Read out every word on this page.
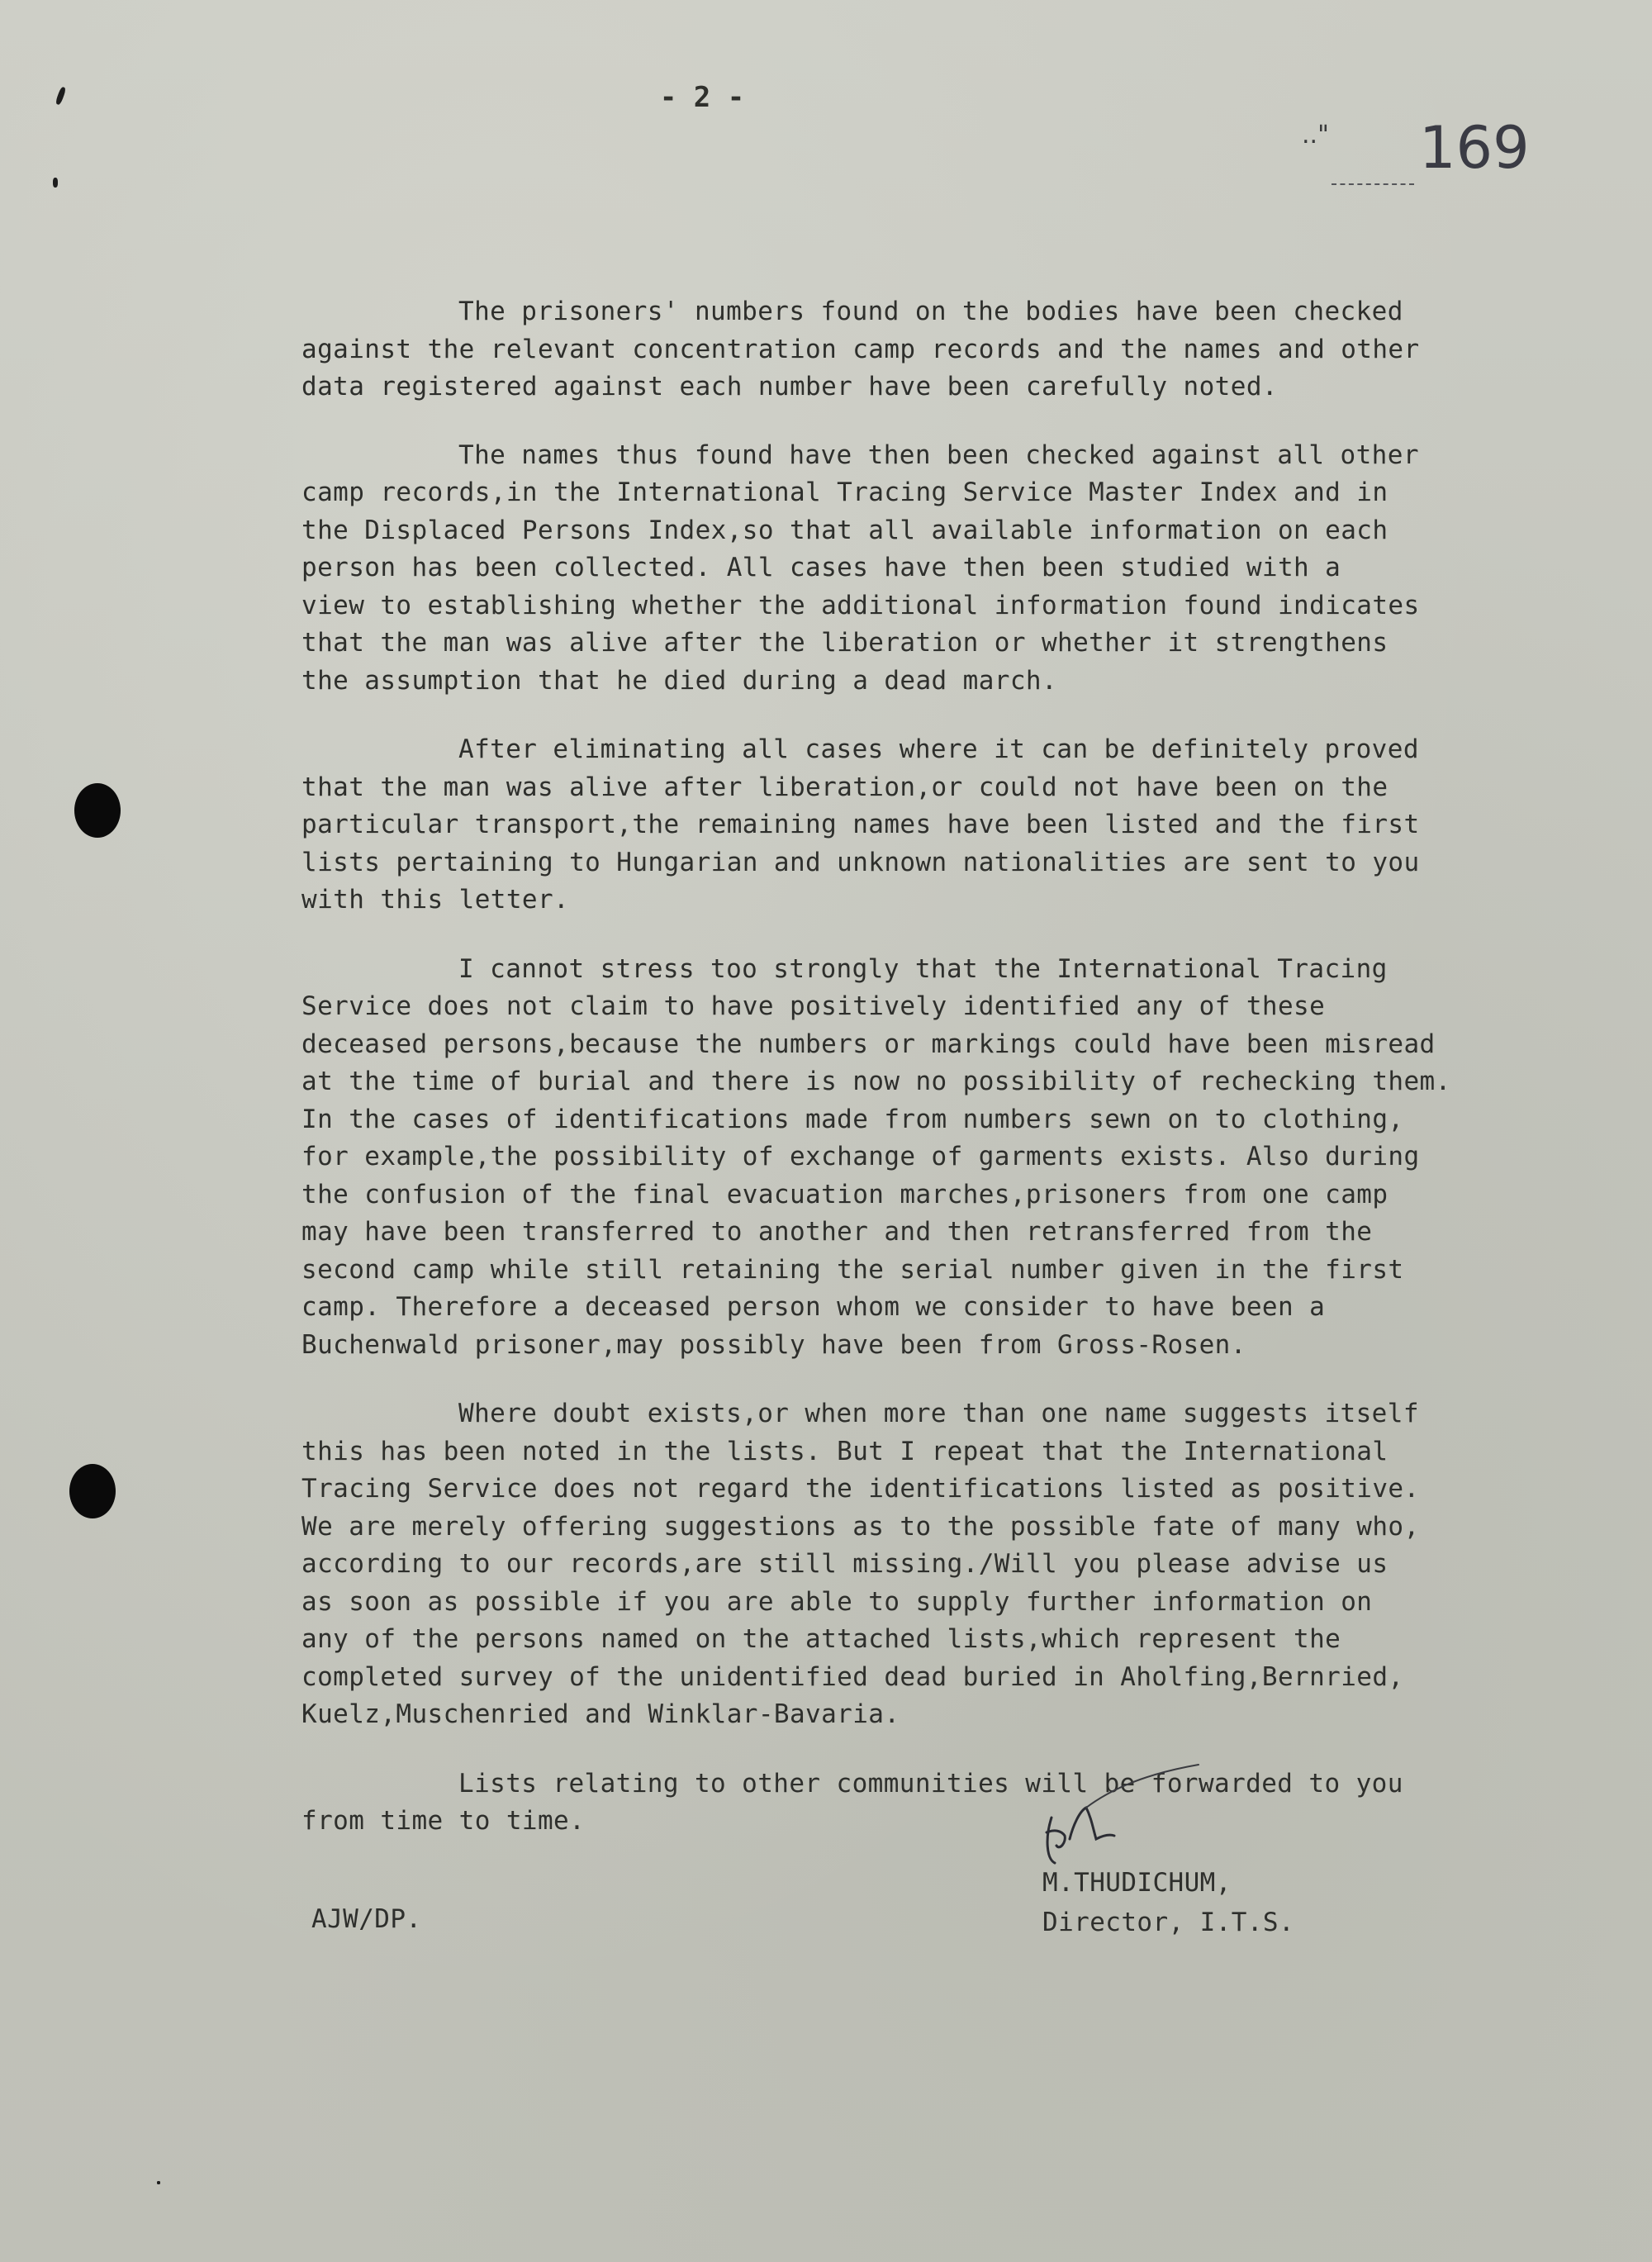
- 2 -
.." 169
The prisoners' numbers found on the bodies have been checked
against the relevant concentration camp records and the names and other
data registered against each number have been carefully noted.
The names thus found have then been checked against all other
camp records,in the International Tracing Service Master Index and in
the Displaced Persons Index,so that all available information on each
person has been collected. All cases have then been studied with a
view to establishing whether the additional information found indicates
that the man was alive after the liberation or whether it strengthens
the assumption that he died during a dead march.
After eliminating all cases where it can be definitely proved
that the man was alive after liberation,or could not have been on the
particular transport,the remaining names have been listed and the first
lists pertaining to Hungarian and unknown nationalities are sent to you
with this letter.
I cannot stress too strongly that the International Tracing
Service does not claim to have positively identified any of these
deceased persons,because the numbers or markings could have been misread
at the time of burial and there is now no possibility of rechecking them.
In the cases of identifications made from numbers sewn on to clothing,
for example,the possibility of exchange of garments exists. Also during
the confusion of the final evacuation marches,prisoners from one camp
may have been transferred to another and then retransferred from the
second camp while still retaining the serial number given in the first
camp. Therefore a deceased person whom we consider to have been a
Buchenwald prisoner,may possibly have been from Gross-Rosen.
Where doubt exists,or when more than one name suggests itself
this has been noted in the lists. But I repeat that the International
Tracing Service does not regard the identifications listed as positive.
We are merely offering suggestions as to the possible fate of many who,
according to our records,are still missing./Will you please advise us
as soon as possible if you are able to supply further information on
any of the persons named on the attached lists,which represent the
completed survey of the unidentified dead buried in Aholfing,Bernried,
Kuelz,Muschenried and Winklar-Bavaria.
Lists relating to other communities will be forwarded to you
from time to time.
AJW/DP.
M.THUDICHUM,
Director, I.T.S.
